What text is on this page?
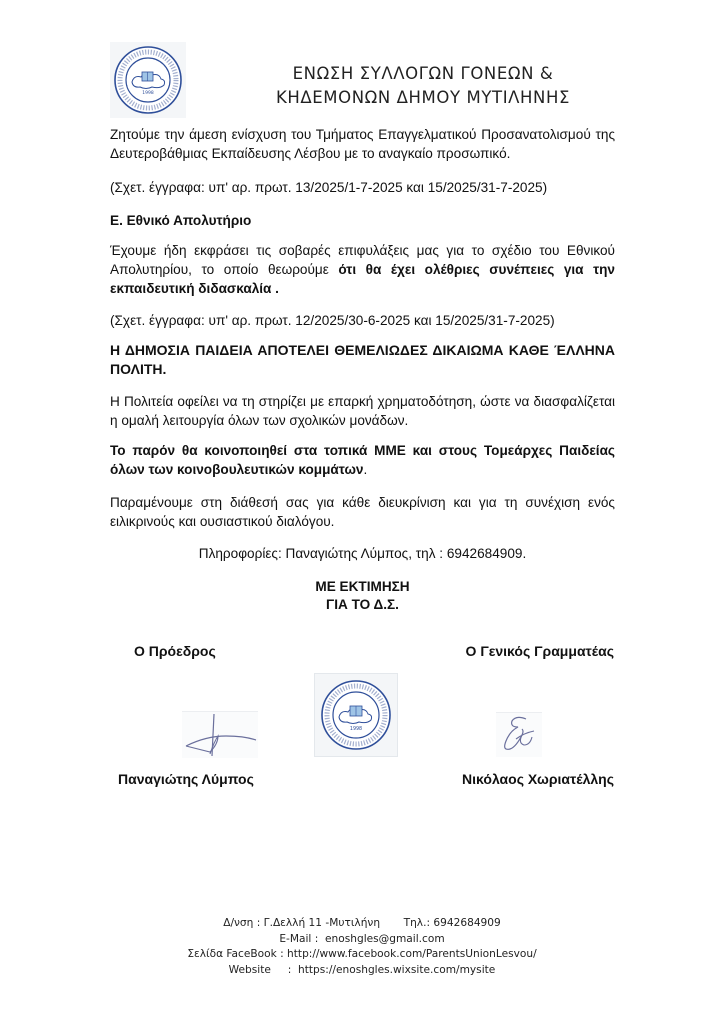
1998
ΕΝΩΣΗ ΣΥΛΛΟΓΩΝ ΓΟΝΕΩΝ &
ΚΗΔΕΜΟΝΩΝ ΔΗΜΟΥ ΜΥΤΙΛΗΝΗΣ
Ζητούμε την άμεση ενίσχυση του Τμήματος Επαγγελματικού Προσανατολισμού της Δευτεροβάθμιας Εκπαίδευσης Λέσβου με το αναγκαίο προσωπικό.
(Σχετ. έγγραφα: υπ' αρ. πρωτ. 13/2025/1-7-2025 και 15/2025/31-7-2025)
Ε. Εθνικό Απολυτήριο
Έχουμε ήδη εκφράσει τις σοβαρές επιφυλάξεις μας για το σχέδιο του Εθνικού Απολυτηρίου, το οποίο θεωρούμε ότι θα έχει ολέθριες συνέπειες για την εκπαιδευτική διδασκαλία .
(Σχετ. έγγραφα: υπ' αρ. πρωτ. 12/2025/30-6-2025 και 15/2025/31-7-2025)
Η ΔΗΜΟΣΙΑ ΠΑΙΔΕΙΑ ΑΠΟΤΕΛΕΙ ΘΕΜΕΛΙΩΔΕΣ ΔΙΚΑΙΩΜΑ ΚΑΘΕ ΈΛΛΗΝΑ ΠΟΛΙΤΗ.
Η Πολιτεία οφείλει να τη στηρίζει με επαρκή χρηματοδότηση, ώστε να διασφαλίζεται η ομαλή λειτουργία όλων των σχολικών μονάδων.
Το παρόν θα κοινοποιηθεί στα τοπικά ΜΜΕ και στους Τομεάρχες Παιδείας όλων των κοινοβουλευτικών κομμάτων.
Παραμένουμε στη διάθεσή σας για κάθε διευκρίνιση και για τη συνέχιση ενός ειλικρινούς και ουσιαστικού διαλόγου.
Πληροφορίες: Παναγιώτης Λύμπος, τηλ : 6942684909.
ΜΕ ΕΚΤΙΜΗΣΗ
ΓΙΑ ΤΟ Δ.Σ.
Ο Πρόεδρος	Ο Γενικός Γραμματέας
1998
Παναγιώτης Λύμπος	Νικόλαος Χωριατέλλης
Δ/νση : Γ.Δελλή 11 -Μυτιλήνη       Τηλ.: 6942684909
E-Mail :  enoshgles@gmail.com
Σελίδα FaceBook : http://www.facebook.com/ParentsUnionLesvou/
Website     :  https://enoshgles.wixsite.com/mysite
